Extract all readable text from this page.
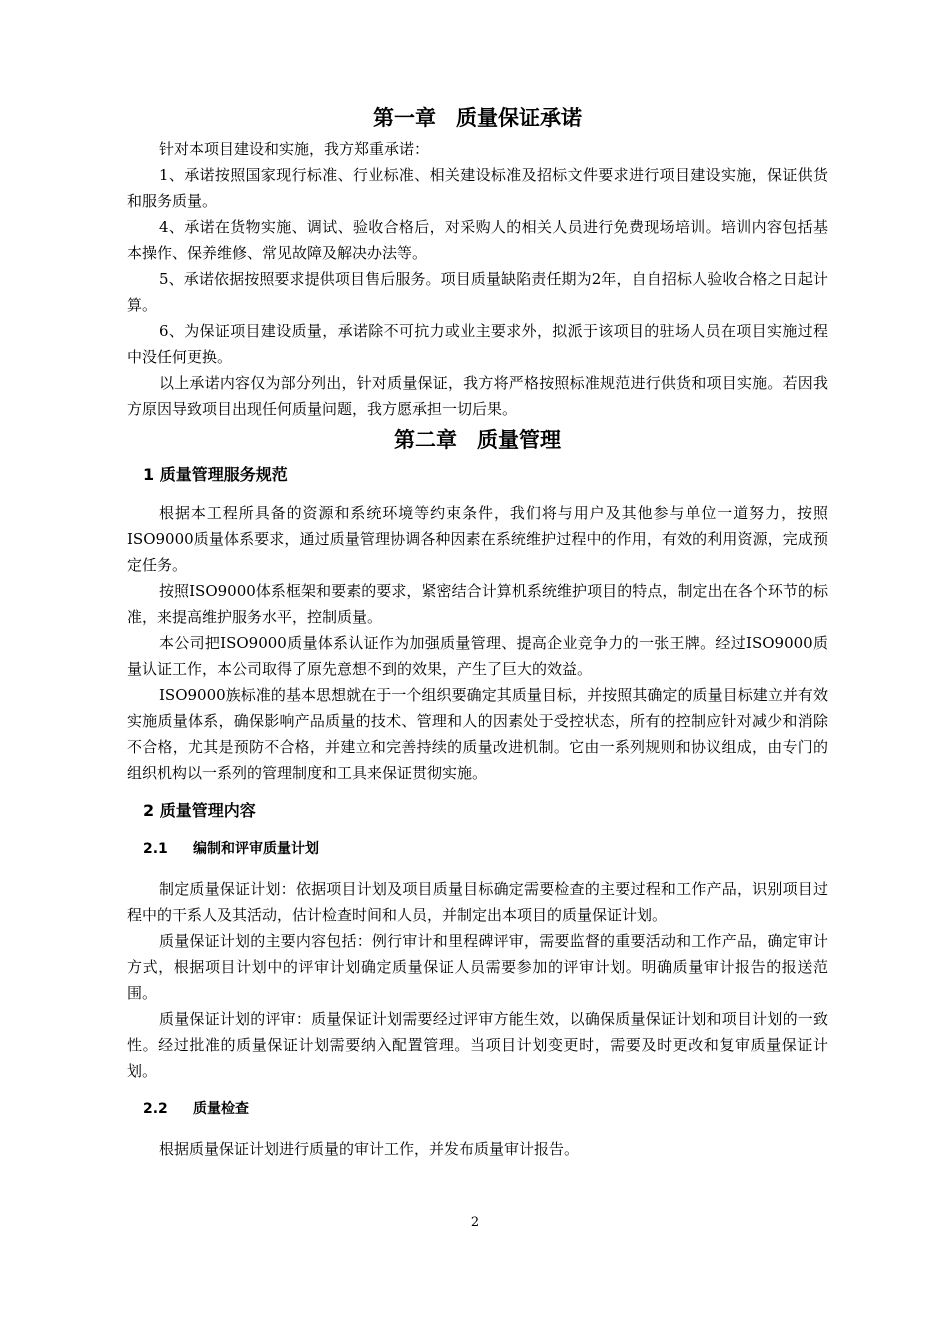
第一章 质量保证承诺

针对本项目建设和实施，我方郑重承诺：

1、承诺按照国家现行标准、行业标准、相关建设标准及招标文件要求进行项目建设实施，保证供货和服务质量。

4、承诺在货物实施、调试、验收合格后，对采购人的相关人员进行免费现场培训。培训内容包括基本操作、保养维修、常见故障及解决办法等。

5、承诺依据按照要求提供项目售后服务。项目质量缺陷责任期为2年，自自招标人验收合格之日起计算。

6、为保证项目建设质量，承诺除不可抗力或业主要求外，拟派于该项目的驻场人员在项目实施过程中没任何更换。

以上承诺内容仅为部分列出，针对质量保证，我方将严格按照标准规范进行供货和项目实施。若因我方原因导致项目出现任何质量问题，我方愿承担一切后果。

第二章 质量管理
1 质量管理服务规范

根据本工程所具备的资源和系统环境等约束条件，我们将与用户及其他参与单位一道努力，按照ISO9000质量体系要求，通过质量管理协调各种因素在系统维护过程中的作用，有效的利用资源，完成预定任务。

按照ISO9000体系框架和要素的要求，紧密结合计算机系统维护项目的特点，制定出在各个环节的标准，来提高维护服务水平，控制质量。

本公司把ISO9000质量体系认证作为加强质量管理、提高企业竞争力的一张王牌。经过ISO9000质量认证工作，本公司取得了原先意想不到的效果，产生了巨大的效益。

ISO9000族标准的基本思想就在于一个组织要确定其质量目标，并按照其确定的质量目标建立并有效实施质量体系，确保影响产品质量的技术、管理和人的因素处于受控状态，所有的控制应针对减少和消除不合格，尤其是预防不合格，并建立和完善持续的质量改进机制。它由一系列规则和协议组成，由专门的组织机构以一系列的管理制度和工具来保证贯彻实施。

2 质量管理内容
2.1 编制和评审质量计划

制定质量保证计划：依据项目计划及项目质量目标确定需要检查的主要过程和工作产品，识别项目过程中的干系人及其活动，估计检查时间和人员，并制定出本项目的质量保证计划。

质量保证计划的主要内容包括：例行审计和里程碑评审，需要监督的重要活动和工作产品，确定审计方式，根据项目计划中的评审计划确定质量保证人员需要参加的评审计划。明确质量审计报告的报送范围。

质量保证计划的评审：质量保证计划需要经过评审方能生效，以确保质量保证计划和项目计划的一致性。经过批准的质量保证计划需要纳入配置管理。当项目计划变更时，需要及时更改和复审质量保证计划。

2.2 质量检查

根据质量保证计划进行质量的审计工作，并发布质量审计报告。

2
